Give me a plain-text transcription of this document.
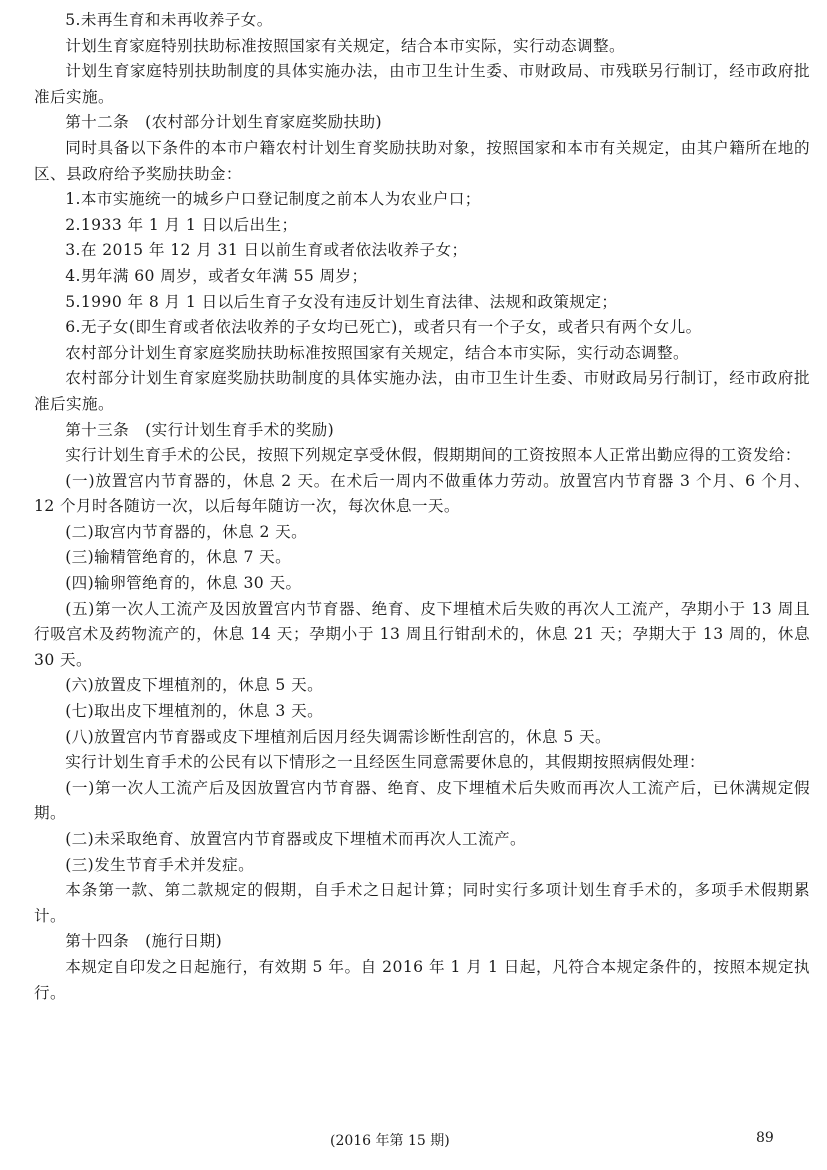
5.未再生育和未再收养子女。

计划生育家庭特别扶助标准按照国家有关规定，结合本市实际，实行动态调整。

计划生育家庭特别扶助制度的具体实施办法，由市卫生计生委、市财政局、市残联另行制订，经市政府批准后实施。

第十二条　(农村部分计划生育家庭奖励扶助)

同时具备以下条件的本市户籍农村计划生育奖励扶助对象，按照国家和本市有关规定，由其户籍所在地的区、县政府给予奖励扶助金：

1.本市实施统一的城乡户口登记制度之前本人为农业户口；

2.1933 年 1 月 1 日以后出生；

3.在 2015 年 12 月 31 日以前生育或者依法收养子女；

4.男年满 60 周岁，或者女年满 55 周岁；

5.1990 年 8 月 1 日以后生育子女没有违反计划生育法律、法规和政策规定；

6.无子女(即生育或者依法收养的子女均已死亡)，或者只有一个子女，或者只有两个女儿。

农村部分计划生育家庭奖励扶助标准按照国家有关规定，结合本市实际，实行动态调整。

农村部分计划生育家庭奖励扶助制度的具体实施办法，由市卫生计生委、市财政局另行制订，经市政府批准后实施。

第十三条　(实行计划生育手术的奖励)

实行计划生育手术的公民，按照下列规定享受休假，假期期间的工资按照本人正常出勤应得的工资发给：

(一)放置宫内节育器的，休息 2 天。在术后一周内不做重体力劳动。放置宫内节育器 3 个月、6 个月、12 个月时各随访一次，以后每年随访一次，每次休息一天。

(二)取宫内节育器的，休息 2 天。

(三)输精管绝育的，休息 7 天。

(四)输卵管绝育的，休息 30 天。

(五)第一次人工流产及因放置宫内节育器、绝育、皮下埋植术后失败的再次人工流产，孕期小于 13 周且行吸宫术及药物流产的，休息 14 天；孕期小于 13 周且行钳刮术的，休息 21 天；孕期大于 13 周的，休息 30 天。

(六)放置皮下埋植剂的，休息 5 天。

(七)取出皮下埋植剂的，休息 3 天。

(八)放置宫内节育器或皮下埋植剂后因月经失调需诊断性刮宫的，休息 5 天。

实行计划生育手术的公民有以下情形之一且经医生同意需要休息的，其假期按照病假处理：

(一)第一次人工流产后及因放置宫内节育器、绝育、皮下埋植术后失败而再次人工流产后，已休满规定假期。

(二)未采取绝育、放置宫内节育器或皮下埋植术而再次人工流产。

(三)发生节育手术并发症。

本条第一款、第二款规定的假期，自手术之日起计算；同时实行多项计划生育手术的，多项手术假期累计。

第十四条　(施行日期)

本规定自印发之日起施行，有效期 5 年。自 2016 年 1 月 1 日起，凡符合本规定条件的，按照本规定执行。

(2016 年第 15 期)	89
